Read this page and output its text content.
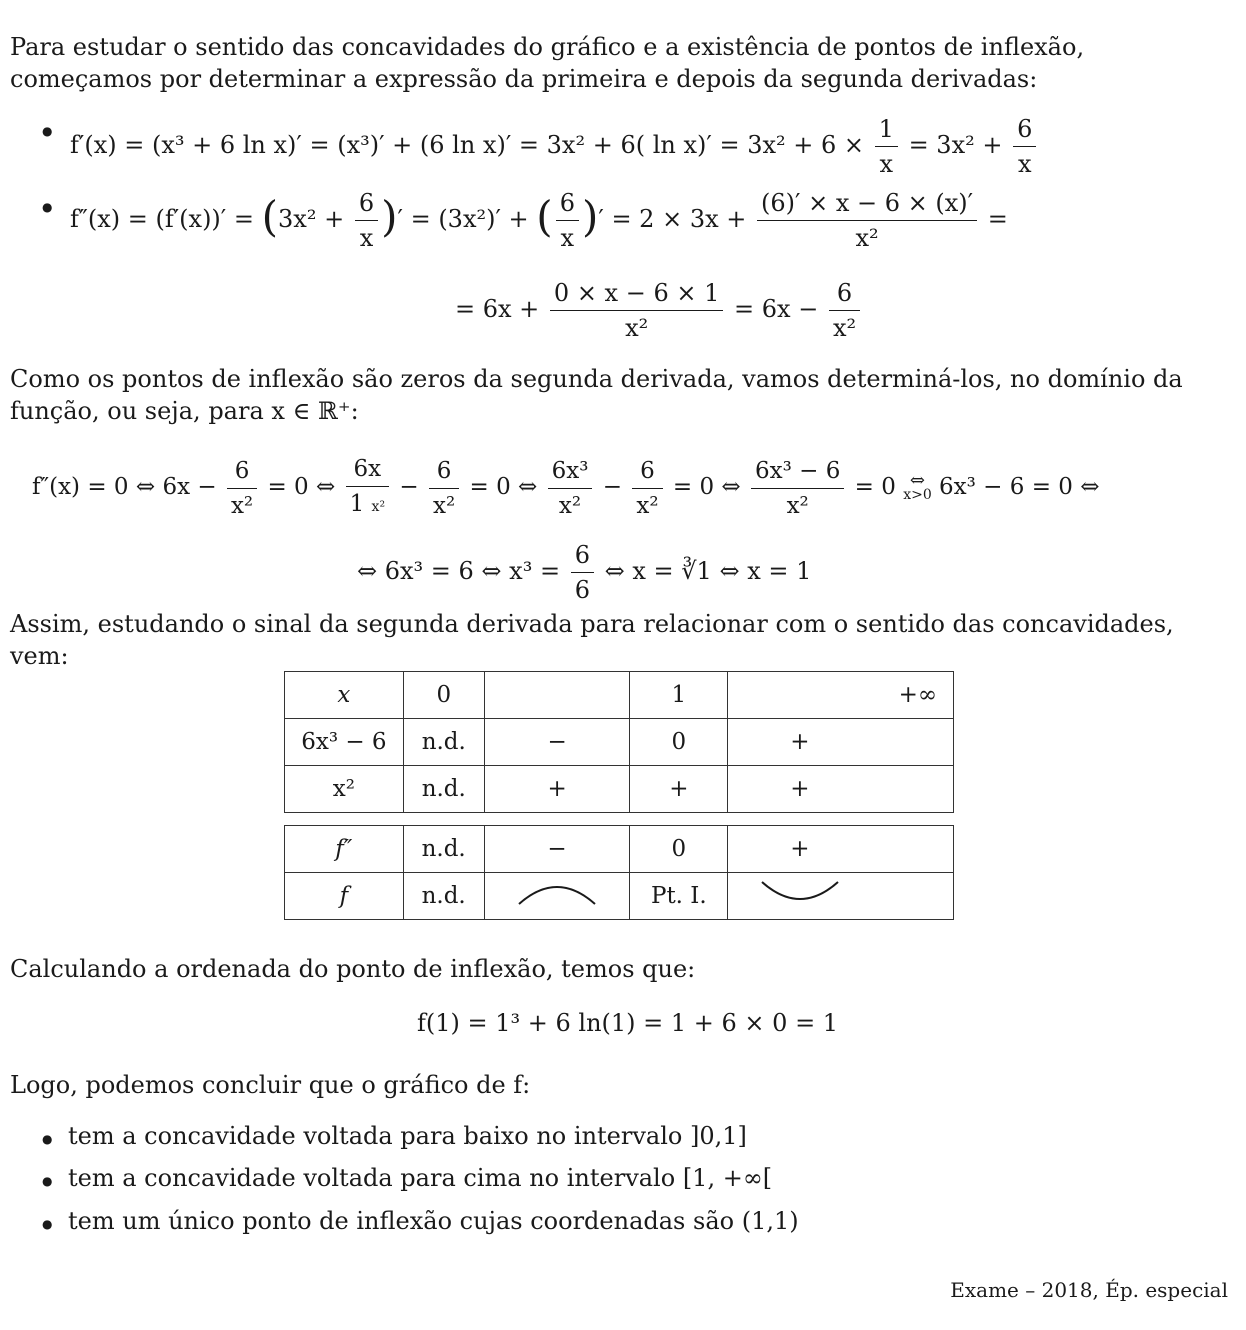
Para estudar o sentido das concavidades do gráfico e a existência de pontos de inflexão, começamos por determinar a expressão da primeira e depois da segunda derivadas:
● f′(x) = (x³ + 6 ln x)′ = (x³)′ + (6 ln x)′ = 3x² + 6( $\ln x)' = 3x^2 + 6 \times \frac{1}{x} = 3x^2 + \frac{6}{x}$
● $f''(x) = (f'(x))' = (3x^2 + \frac{6}{x}$ )′ = (3x²)′ + ( $\frac{6}{x}$ )′ = $2 \times 3x + \frac{(6)' \times x - 6 \times (x)'}{\text{x²}}$ =
= $6x + \frac{0 \times x - 6 \times 1}{\text{x²}} = 6x - \frac{6}{\text{x²}}$
Como os pontos de inflexão são zeros da segunda derivada, vamos determiná-los, no domínio da função, ou seja, para x ∈ ℝ⁺:
f″(x) = 0 ⇔ $6x - \frac{6}{\text{x²}} = 0$ ⇔ $\frac{6x}{\text{1 x²}} - \frac{6}{\text{x²}} = 0$ ⇔ $\frac{\text{6x³}}{\text{x²}} - \frac{6}{\text{x²}} = 0$ ⇔ $\frac{\text{6x³ − 6}}{\text{x²}} = 0$ ⇔
x>0 6x³ − 6 = 0 ⇔
⇔ 6x³ = 6 ⇔ $x^3 = \frac{6}{6}$ ⇔ x = ∛1 ⇔ x = 1
Assim, estudando o sinal da segunda derivada para relacionar com o sentido das concavidades, vem:
x	0		1	+∞
6x³ − 6	n.d.	−	0	+
x²	n.d.	+	+	+
f″	n.d.	−	0	+
f	n.d.		Pt. I.	
Calculando a ordenada do ponto de inflexão, temos que:
f(1) = 1³ + 6 ln(1) = 1 + 6 × 0 = 1
Logo, podemos concluir que o gráfico de f:
● tem a concavidade voltada para baixo no intervalo ]0,1]
● tem a concavidade voltada para cima no intervalo [1, +∞[
● tem um único ponto de inflexão cujas coordenadas são (1,1)
Exame – 2018, Ép. especial
